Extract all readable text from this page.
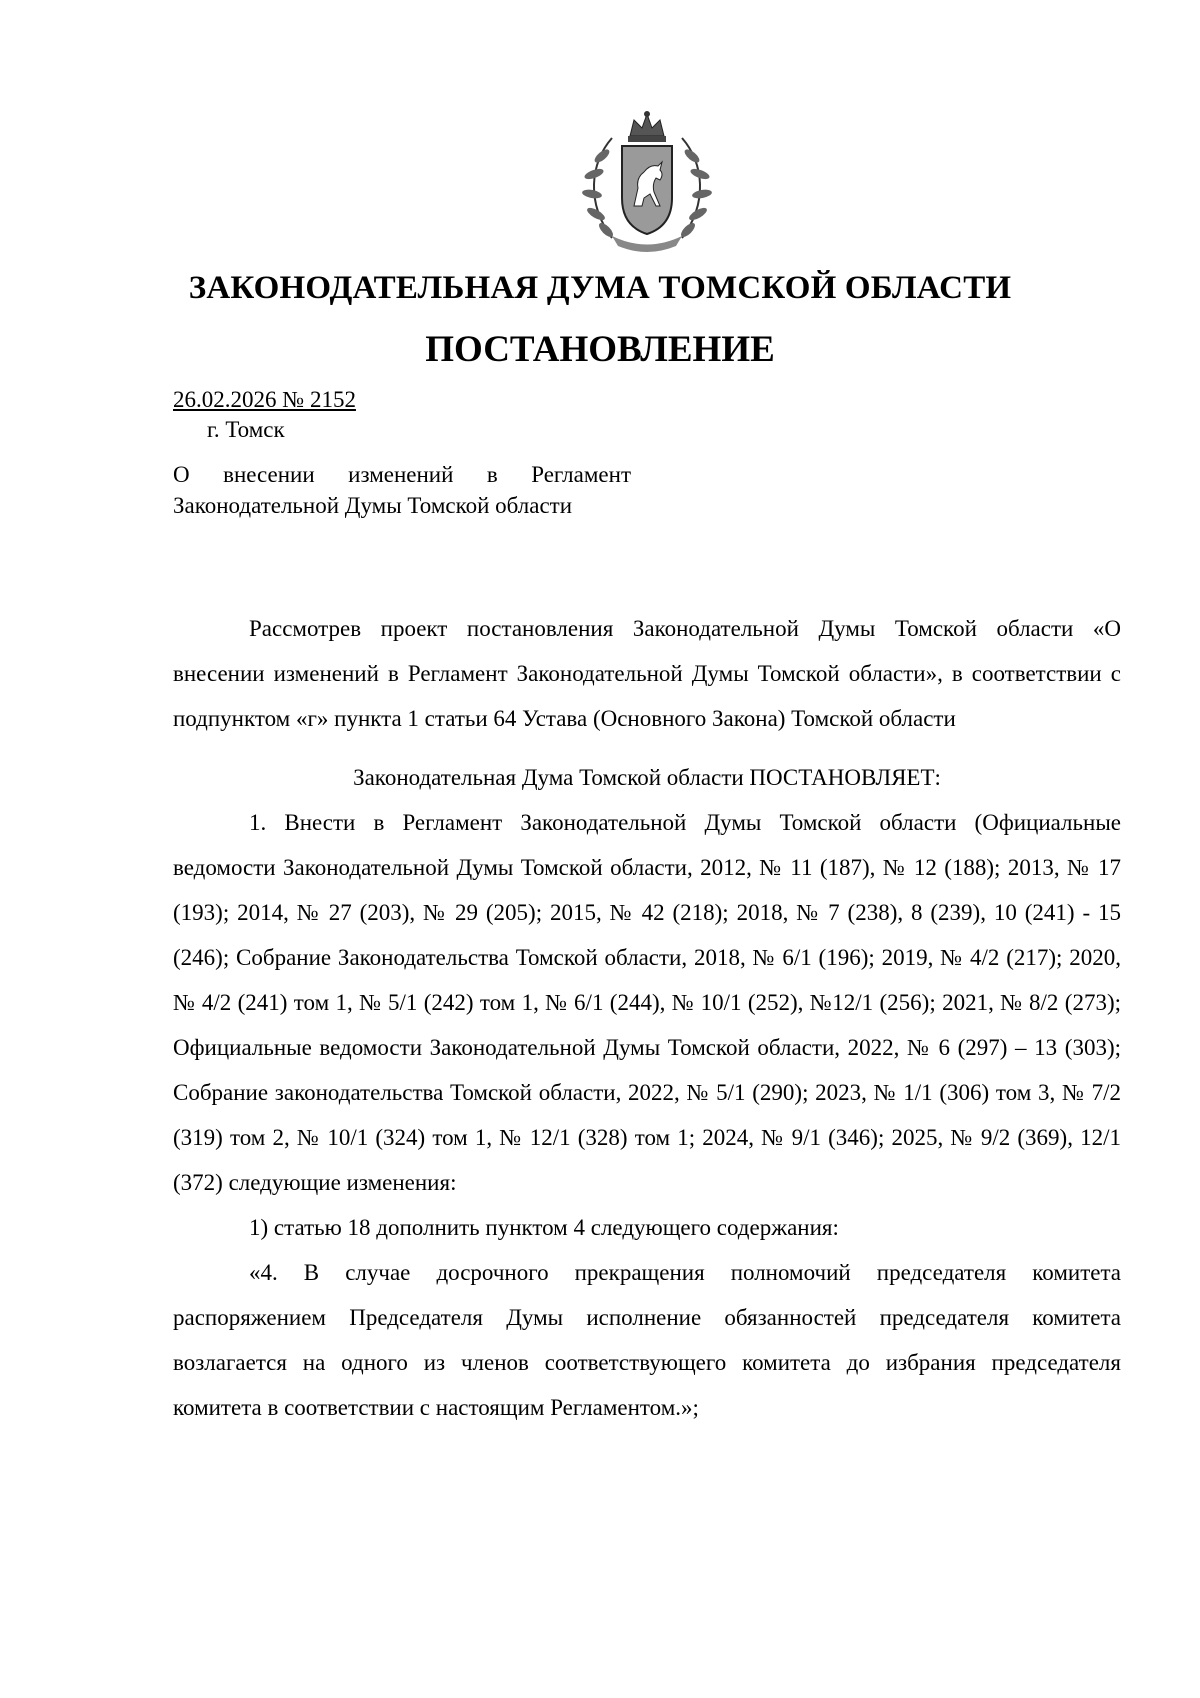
ЗАКОНОДАТЕЛЬНАЯ ДУМА ТОМСКОЙ ОБЛАСТИ
ПОСТАНОВЛЕНИЕ
26.02.2026 № 2152
г. Томск
О внесении изменений в Регламент Законодательной Думы Томской области

Рассмотрев проект постановления Законодательной Думы Томской области «О внесении изменений в Регламент Законодательной Думы Томской области», в соответствии с подпунктом «г» пункта 1 статьи 64 Устава (Основного Закона) Томской области

Законодательная Дума Томской области ПОСТАНОВЛЯЕТ:

1. Внести в Регламент Законодательной Думы Томской области (Официальные ведомости Законодательной Думы Томской области, 2012, № 11 (187), № 12 (188); 2013, № 17 (193); 2014, № 27 (203), № 29 (205); 2015, № 42 (218); 2018, № 7 (238), 8 (239), 10 (241) - 15 (246); Собрание Законодательства Томской области, 2018, № 6/1 (196); 2019, № 4/2 (217); 2020, № 4/2 (241) том 1, № 5/1 (242) том 1, № 6/1 (244), № 10/1 (252), №12/1 (256); 2021, № 8/2 (273); Официальные ведомости Законодательной Думы Томской области, 2022, № 6 (297) – 13 (303); Собрание законодательства Томской области, 2022, № 5/1 (290); 2023, № 1/1 (306) том 3, № 7/2 (319) том 2, № 10/1 (324) том 1, № 12/1 (328) том 1; 2024, № 9/1 (346); 2025, № 9/2 (369), 12/1 (372) следующие изменения:

1) статью 18 дополнить пунктом 4 следующего содержания:

«4. В случае досрочного прекращения полномочий председателя комитета распоряжением Председателя Думы исполнение обязанностей председателя комитета возлагается на одного из членов соответствующего комитета до избрания председателя комитета в соответствии с настоящим Регламентом.»;
